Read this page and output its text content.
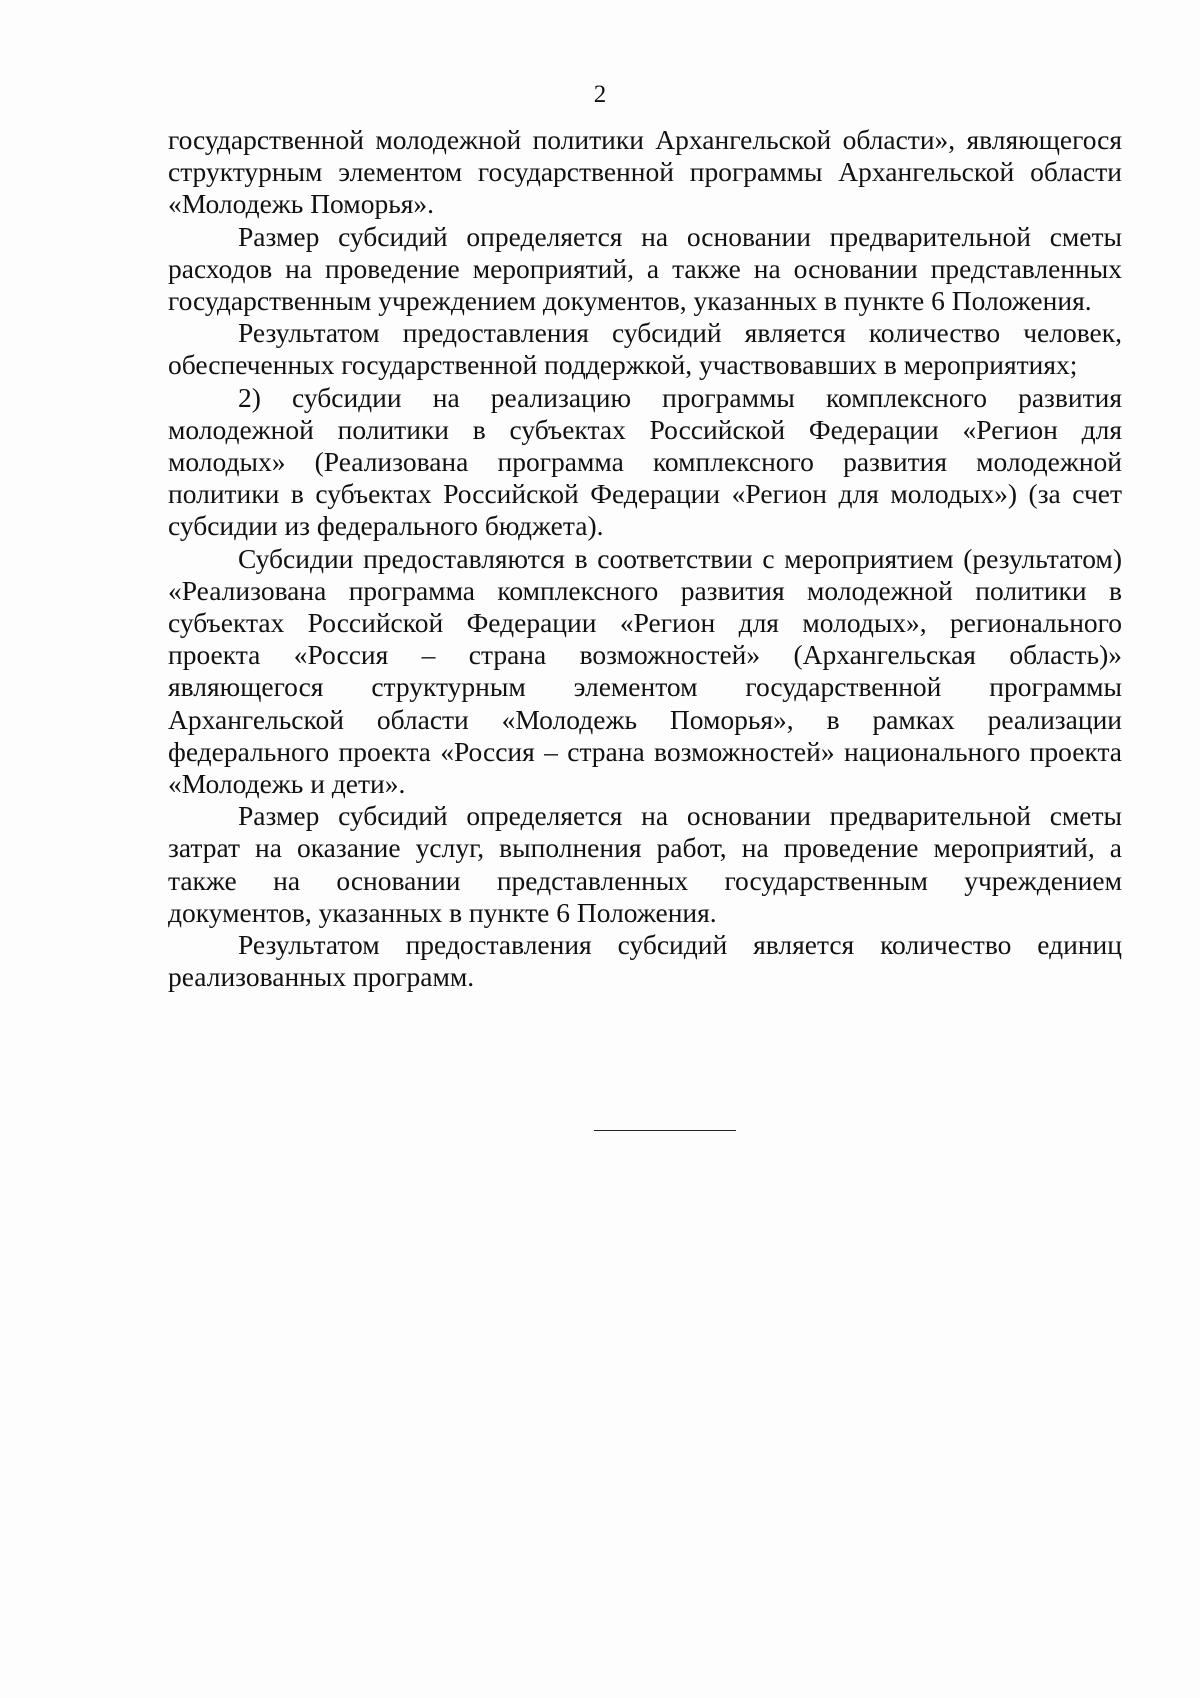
2

государственной молодежной политики Архангельской области», являющегося структурным элементом государственной программы Архангельской области «Молодежь Поморья».

Размер субсидий определяется на основании предварительной сметы расходов на проведение мероприятий, а также на основании представленных государственным учреждением документов, указанных в пункте 6 Положения.

Результатом предоставления субсидий является количество человек, обеспеченных государственной поддержкой, участвовавших в мероприятиях;

2) субсидии на реализацию программы комплексного развития молодежной политики в субъектах Российской Федерации «Регион для молодых» (Реализована программа комплексного развития молодежной политики в субъектах Российской Федерации «Регион для молодых») (за счет субсидии из федерального бюджета).

Субсидии предоставляются в соответствии с мероприятием (результатом) «Реализована программа комплексного развития молодежной политики в субъектах Российской Федерации «Регион для молодых», регионального проекта «Россия – страна возможностей» (Архангельская область)» являющегося структурным элементом государственной программы Архангельской области «Молодежь Поморья», в рамках реализации федерального проекта «Россия – страна возможностей» национального проекта «Молодежь и дети».

Размер субсидий определяется на основании предварительной сметы затрат на оказание услуг, выполнения работ, на проведение мероприятий, а также на основании представленных государственным учреждением документов, указанных в пункте 6 Положения.

Результатом предоставления субсидий является количество единиц реализованных программ.
